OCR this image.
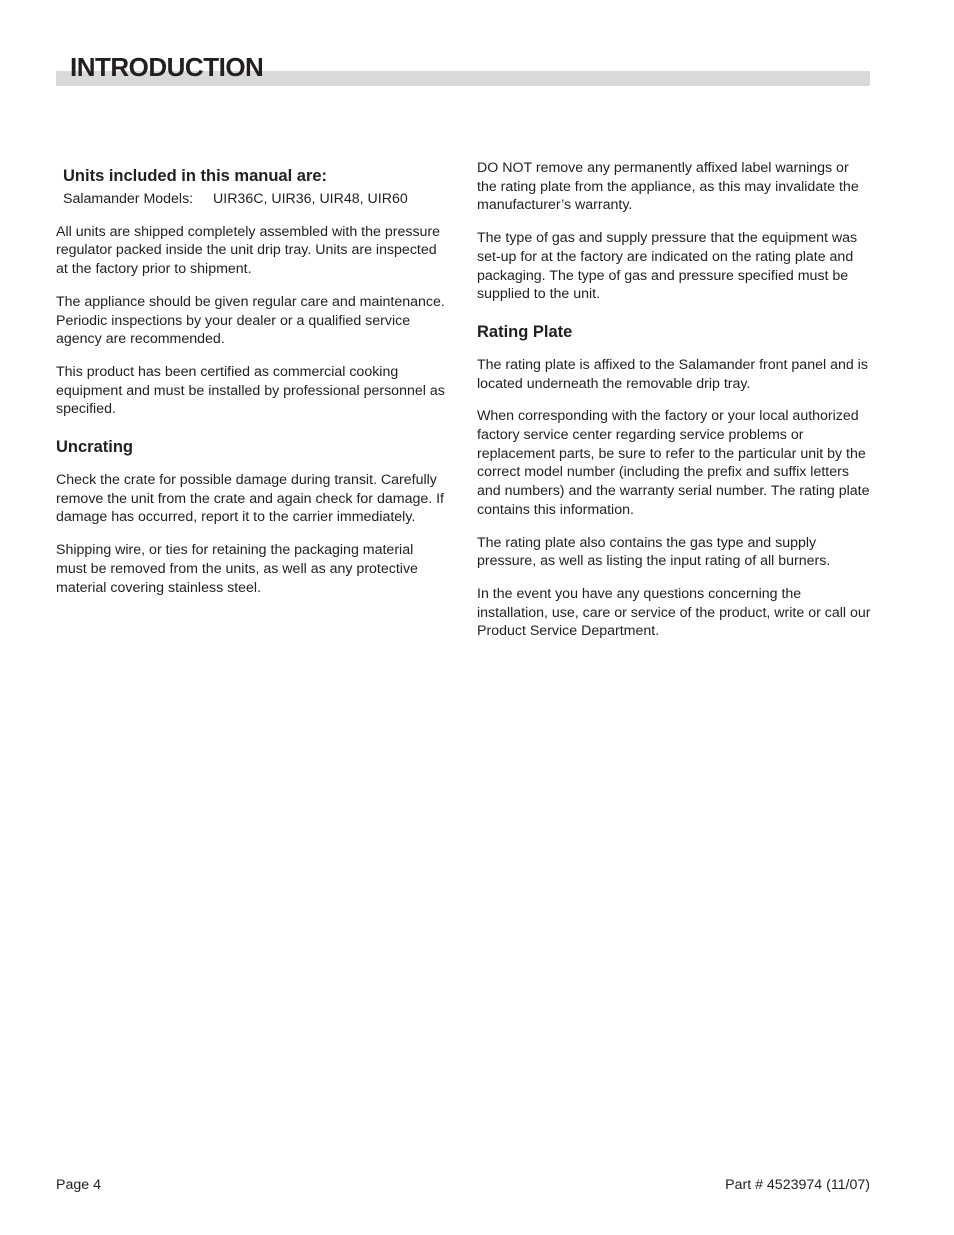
INTRODUCTION
Units included in this manual are:

Salamander Models:	UIR36C, UIR36, UIR48, UIR60

All units are shipped completely assembled with the pressure regulator packed inside the unit drip tray. Units are inspected at the factory prior to shipment.

The appliance should be given regular care and maintenance. Periodic inspections by your dealer or a qualified service agency are recommended.

This product has been certified as commercial cooking equipment and must be installed by professional personnel as specified.

Uncrating

Check the crate for possible damage during transit. Carefully remove the unit from the crate and again check for damage. If damage has occurred, report it to the carrier immediately.

Shipping wire, or ties for retaining the packaging material must be removed from the units, as well as any protective material covering stainless steel.

DO NOT remove any permanently affixed label warnings or the rating plate from the appliance, as this may invalidate the manufacturer’s warranty.

The type of gas and supply pressure that the equipment was set-up for at the factory are indicated on the rating plate and packaging. The type of gas and pressure specified must be supplied to the unit.

Rating Plate

The rating plate is affixed to the Salamander front panel and is located underneath the removable drip tray.

When corresponding with the factory or your local authorized factory service center regarding service problems or replacement parts, be sure to refer to the particular unit by the correct model number (including the prefix and suffix letters and numbers) and the warranty serial number. The rating plate contains this information.

The rating plate also contains the gas type and supply pressure, as well as listing the input rating of all burners.

In the event you have any questions concerning the installation, use, care or service of the product, write or call our Product Service Department.

Page 4	Part # 4523974 (11/07)
